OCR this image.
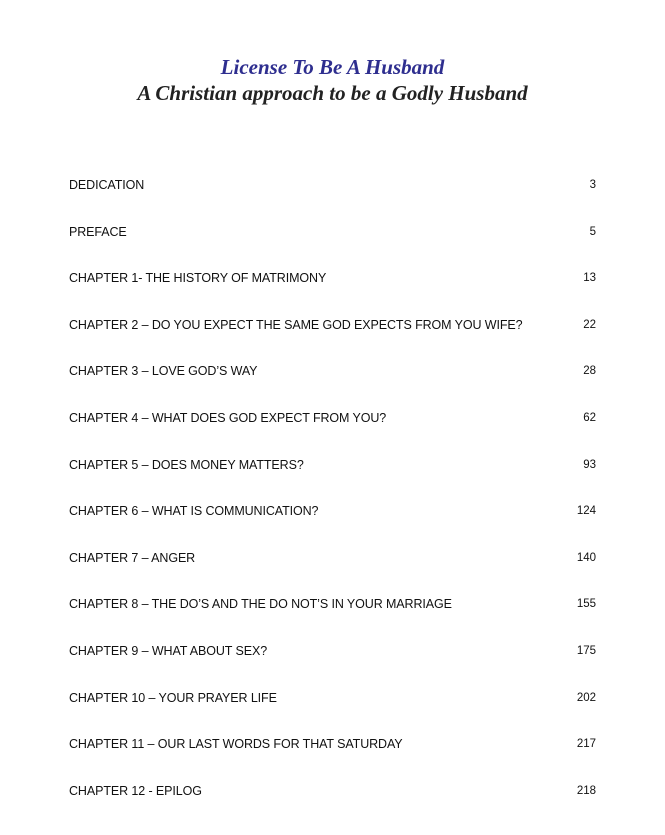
License To Be A Husband
A Christian approach to be a Godly Husband
DEDICATION	3
PREFACE	5
CHAPTER 1- THE HISTORY OF MATRIMONY	13
CHAPTER 2 – DO YOU EXPECT THE SAME GOD EXPECTS FROM YOU WIFE?	22
CHAPTER 3 – LOVE GOD’S WAY	28
CHAPTER 4 – WHAT DOES GOD EXPECT FROM YOU?	62
CHAPTER 5 – DOES MONEY MATTERS?	93
CHAPTER 6 – WHAT IS COMMUNICATION?	124
CHAPTER 7 – ANGER	140
CHAPTER 8 – THE DO’S AND THE DO NOT’S IN YOUR MARRIAGE	155
CHAPTER 9 – WHAT ABOUT SEX?	175
CHAPTER 10 – YOUR PRAYER LIFE	202
CHAPTER 11 – OUR LAST WORDS FOR THAT SATURDAY	217
CHAPTER 12 - EPILOG	218
